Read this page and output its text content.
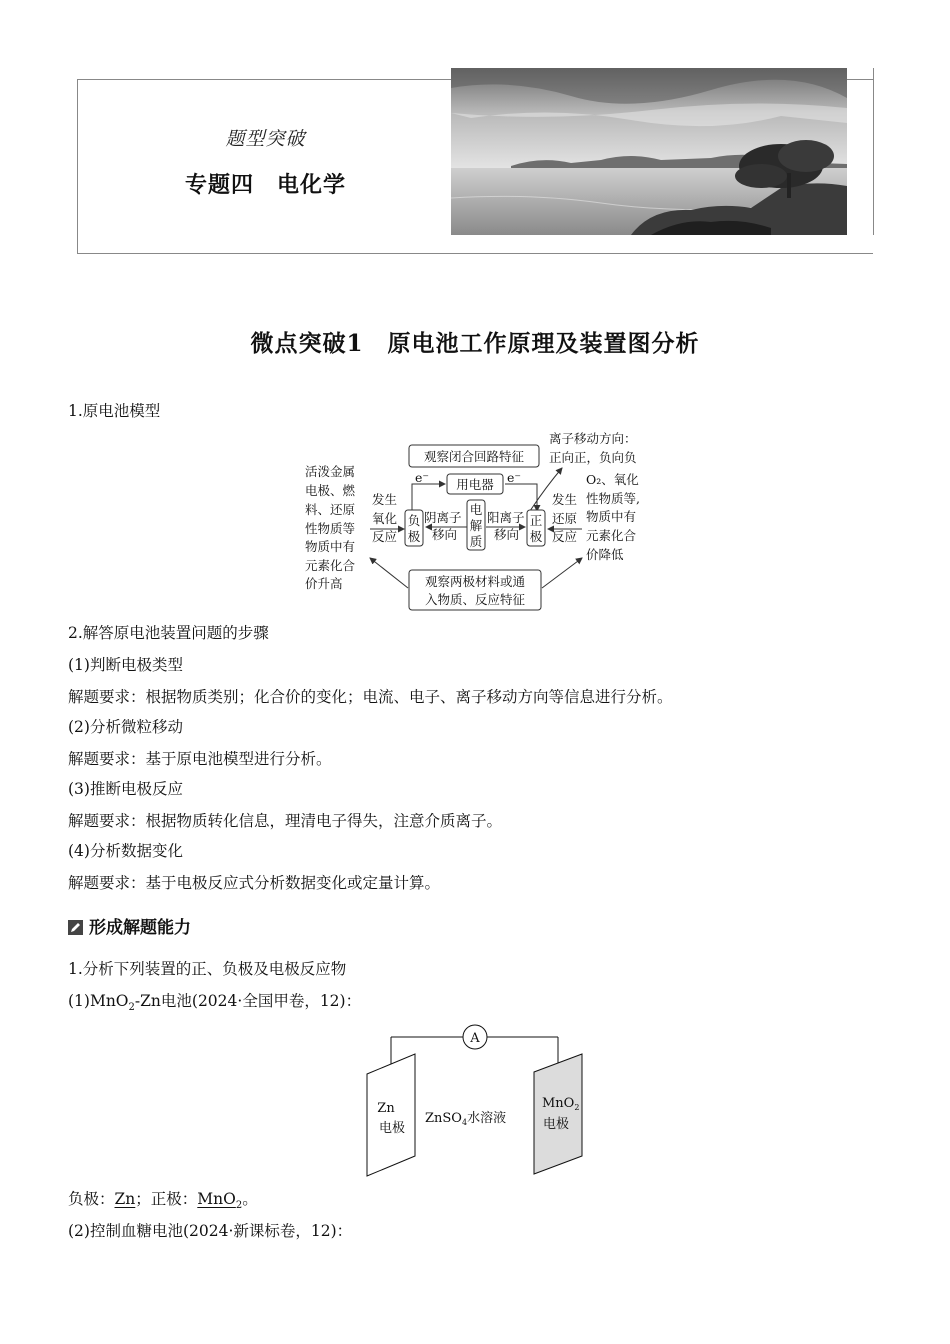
题型突破
专题四　电化学
微点突破1　原电池工作原理及装置图分析
1.原电池模型
观察闭合回路特征
用电器
e⁻	e⁻
离子移动方向：
正向正，负向负
活泼金属
电极、燃
料、还原
性物质等
物质中有
元素化合
价升高
发生
氧化
反应
负
极
阴离子
移向
电
解
质
阳离子
移向
正
极
发生
还原
反应
O₂、氧化
性物质等,
物质中有
元素化合
价降低
观察两极材料或通
入物质、反应特征
2.解答原电池装置问题的步骤
(1)判断电极类型
解题要求：根据物质类别；化合价的变化；电流、电子、离子移动方向等信息进行分析。
(2)分析微粒移动
解题要求：基于原电池模型进行分析。
(3)推断电极反应
解题要求：根据物质转化信息，理清电子得失，注意介质离子。
(4)分析数据变化
解题要求：基于电极反应式分析数据变化或定量计算。
形成解题能力
1.分析下列装置的正、负极及电极反应物
(1)MnO$_2$-Zn电池(2024·全国甲卷，12)：
A
Zn
电极
ZnSO$_4$水溶液
MnO$_2$
电极
负极：Zn；正极：MnO$_2$。
(2)控制血糖电池(2024·新课标卷，12)：
